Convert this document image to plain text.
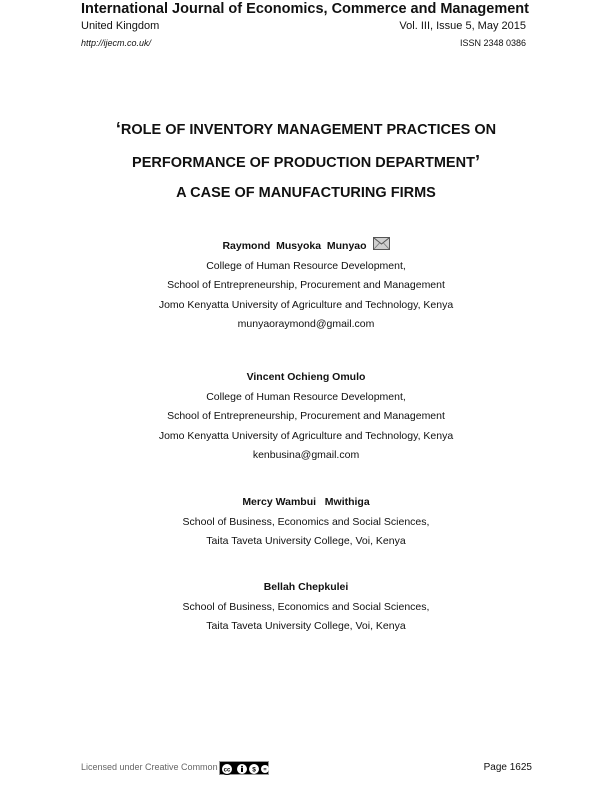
International Journal of Economics, Commerce and Management
United Kingdom	Vol. III, Issue 5, May 2015
http://ijecm.co.uk/	ISSN 2348 0386
‘ROLE OF INVENTORY MANAGEMENT PRACTICES ON
PERFORMANCE OF PRODUCTION DEPARTMENT’
A CASE OF MANUFACTURING FIRMS
Raymond  Musyoka  Munyao
College of Human Resource Development,
School of Entrepreneurship, Procurement and Management
Jomo Kenyatta University of Agriculture and Technology, Kenya
munyaoraymond@gmail.com
Vincent Ochieng Omulo
College of Human Resource Development,
School of Entrepreneurship, Procurement and Management
Jomo Kenyatta University of Agriculture and Technology, Kenya
kenbusina@gmail.com
Mercy Wambui   Mwithiga
School of Business, Economics and Social Sciences,
Taita Taveta University College, Voi, Kenya
Bellah Chepkulei
School of Business, Economics and Social Sciences,
Taita Taveta University College, Voi, Kenya
Licensed under Creative Common cc	$ =	Page 1625
